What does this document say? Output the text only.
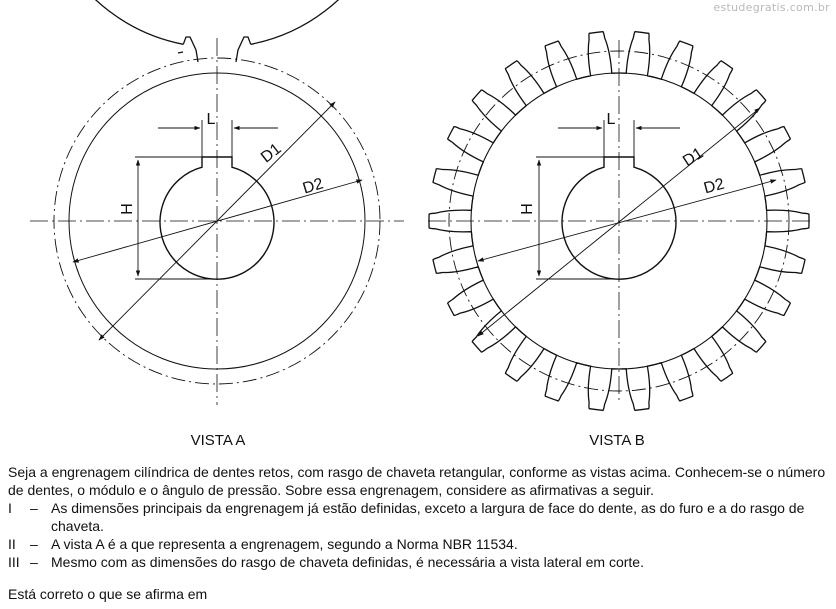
estudegratis.com.br
L
H
D1
D2
L
H
D1
D2
VISTA A	VISTA B

Seja a engrenagem cilíndrica de dentes retos, com rasgo de chaveta retangular, conforme as vistas acima. Conhecem-se o número de dentes, o módulo e o ângulo de pressão. Sobre essa engrenagem, considere as afirmativas a seguir.

I	– As dimensões principais da engrenagem já estão definidas, exceto a largura de face do dente, as do furo e a do rasgo de chaveta.
II	– A vista A é a que representa a engrenagem, segundo a Norma NBR 11534.
III – Mesmo com as dimensões do rasgo de chaveta definidas, é necessária a vista lateral em corte.

Está correto o que se afirma em
